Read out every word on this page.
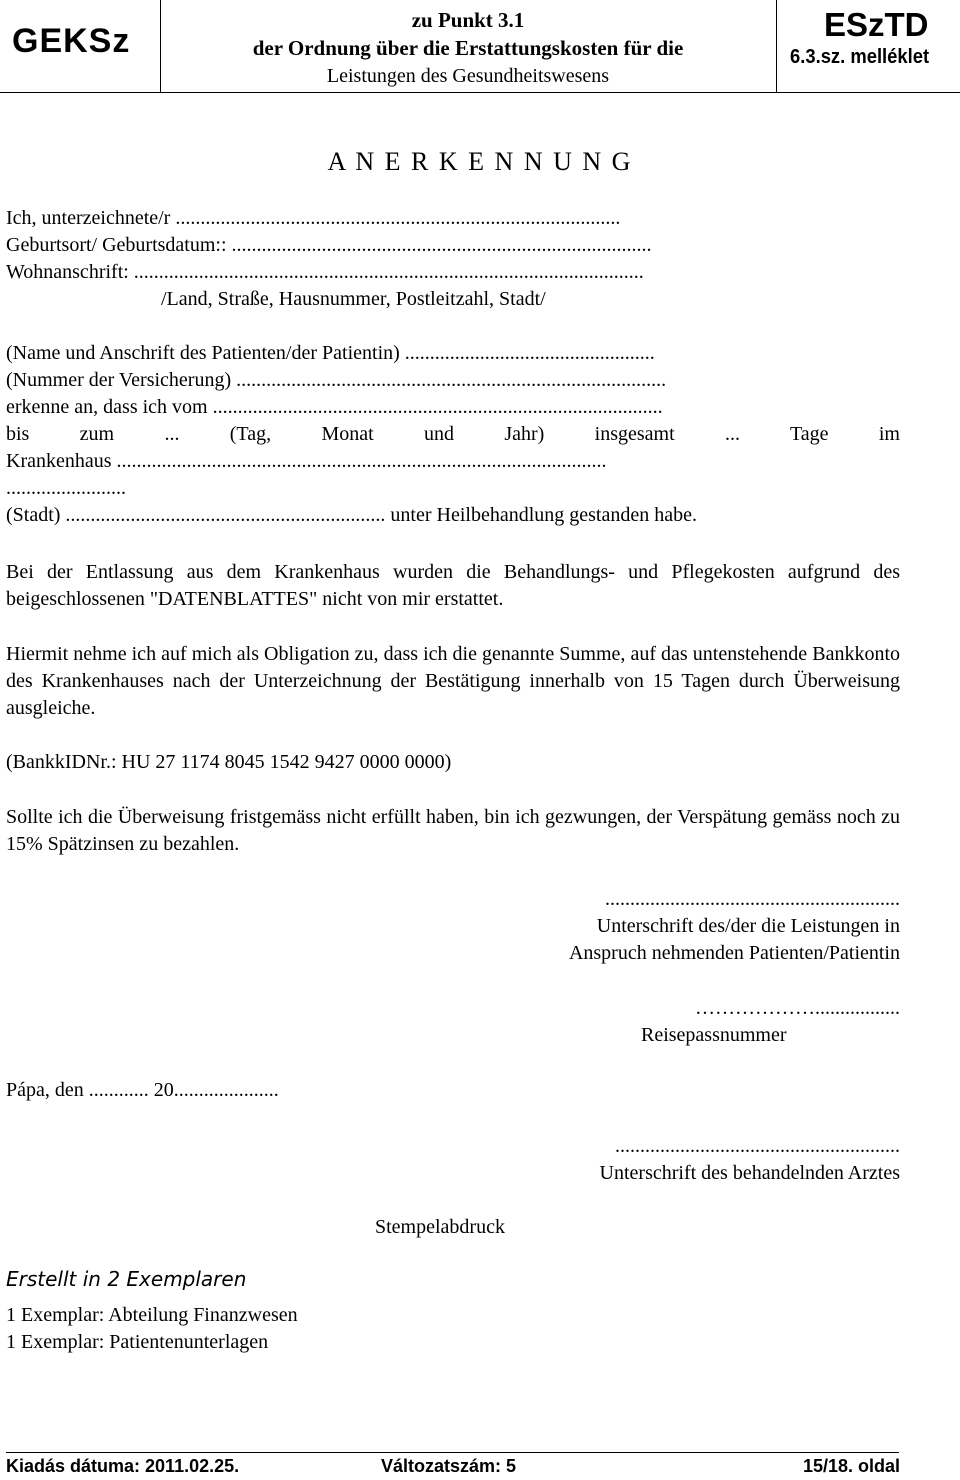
GEKSz
zu Punkt 3.1
der Ordnung über die Erstattungskosten für die
Leistungen des Gesundheitswesens
ESzTD
6.3.sz. melléklet
A N E R K E N N U N G
Ich, unterzeichnete/r .........................................................................................
Geburtsort/ Geburtsdatum:: ....................................................................................
Wohnanschrift: ......................................................................................................
/Land, Straße, Hausnummer, Postleitzahl, Stadt/
(Name und Anschrift des Patienten/der Patientin) ..................................................
(Nummer der Versicherung) ......................................................................................
erkenne an, dass ich vom ..........................................................................................
bis zum ... (Tag, Monat und Jahr) insgesamt ... Tage im
Krankenhaus ..................................................................................................
........................
(Stadt) ................................................................ unter Heilbehandlung gestanden habe.
Bei der Entlassung aus dem Krankenhaus wurden die Behandlungs- und Pflegekosten aufgrund des beigeschlossenen "DATENBLATTES" nicht von mir erstattet.
Hiermit nehme ich auf mich als Obligation zu, dass ich die genannte Summe, auf das untenstehende Bankkonto des Krankenhauses nach der Unterzeichnung der Bestätigung innerhalb von 15 Tagen durch Überweisung ausgleiche.
(BankkIDNr.: HU 27 1174 8045 1542 9427 0000 0000)
Sollte ich die Überweisung fristgemäss nicht erfüllt haben, bin ich gezwungen, der Verspätung gemäss noch zu 15% Spätzinsen zu bezahlen.
...........................................................
Unterschrift des/der die Leistungen in
Anspruch nehmenden Patienten/Patientin
……………….................
Reisepassnummer
Pápa, den ............ 20.....................
.........................................................
Unterschrift des behandelnden Arztes
Stempelabdruck
Erstellt in 2 Exemplaren
1 Exemplar: Abteilung Finanzwesen
1 Exemplar: Patientenunterlagen
Kiadás dátuma: 2011.02.25.	Változatszám: 5	15/18. oldal
